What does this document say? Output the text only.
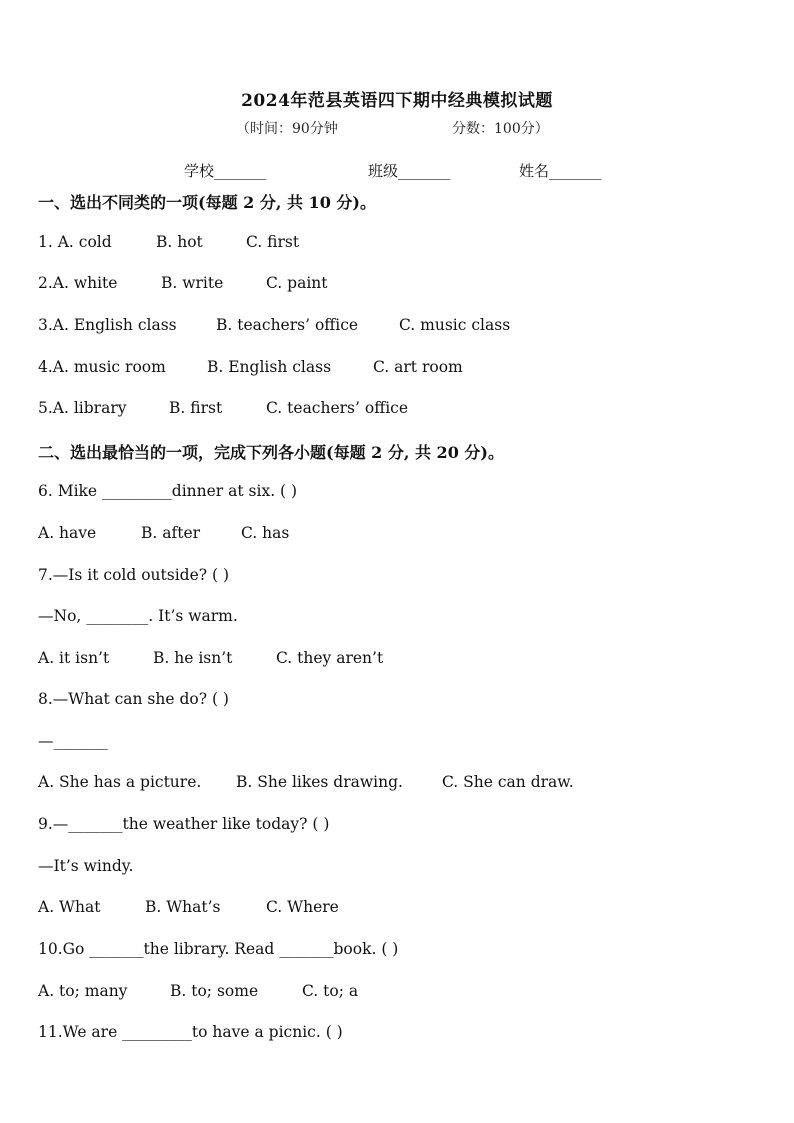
2024年范县英语四下期中经典模拟试题
（时间：90分钟	分数：100分）
学校_______	班级_______	姓名_______
一、选出不同类的一项(每题 2 分, 共 10 分)。
1. A. cold	B. hot	C. first
2.A. white	B. write	C. paint
3.A. English class	B. teachers’ office	C. music class
4.A. music room	B. English class	C. art room
5.A. library	B. first	C. teachers’ office
二、选出最恰当的一项，完成下列各小题(每题 2 分, 共 20 分)。
6. Mike _________dinner at six. ( )
A. have	B. after	C. has
7.—Is it cold outside? ( )
—No, ________. It’s warm.
A. it isn’t	B. he isn’t	C. they aren’t
8.—What can she do? ( )
—_______
A. She has a picture. B. She likes drawing.	C. She can draw.
9.—_______the weather like today? ( )
—It’s windy.
A. What	B. What’s	C. Where
10.Go _______the library. Read _______book. ( )
A. to; many	B. to; some	C. to; a
11.We are _________to have a picnic. ( )
